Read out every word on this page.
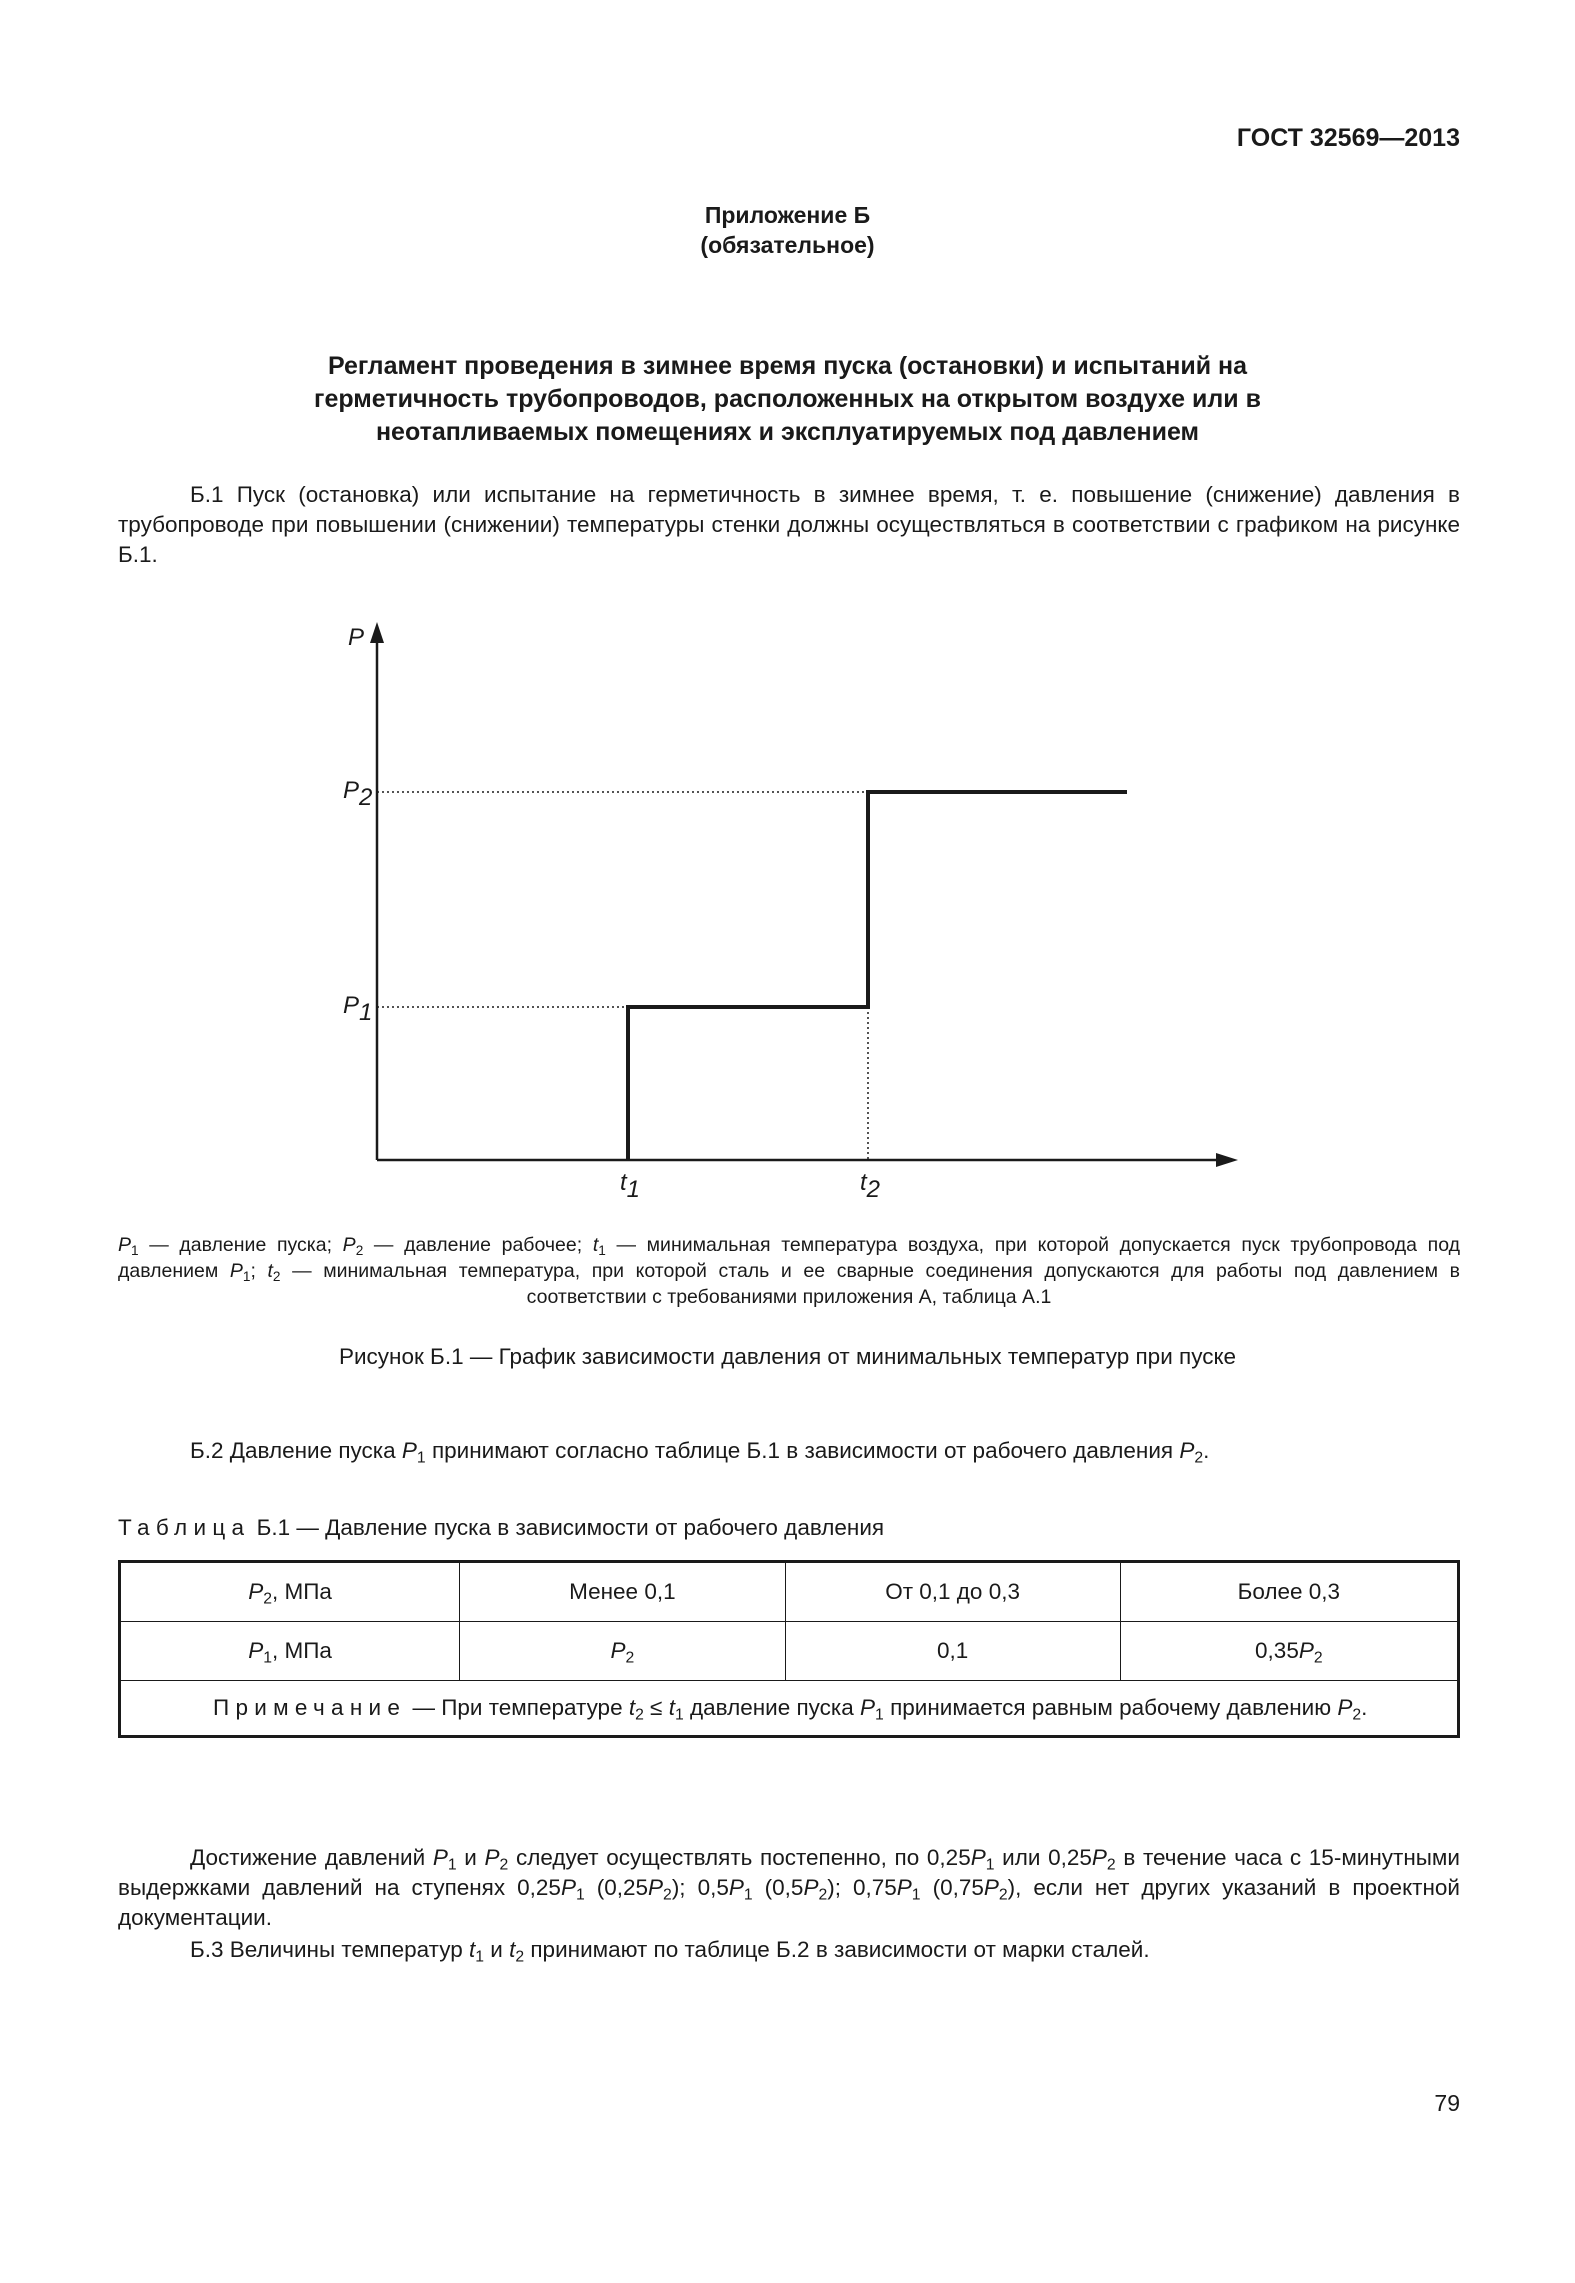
ГОСТ 32569—2013
Приложение Б
(обязательное)
Регламент проведения в зимнее время пуска (остановки) и испытаний на
герметичность трубопроводов, расположенных на открытом воздухе или в
неотапливаемых помещениях и эксплуатируемых под давлением
Б.1 Пуск (остановка) или испытание на герметичность в зимнее время, т. е. повышение (снижение) давления в трубопроводе при повышении (снижении) температуры стенки должны осуществляться в соответствии с графиком на рисунке Б.1.
P
P2
P1
t1	t2
$P_1$ — давление пуска; $P_2$ — давление рабочее; $t_1$ — минимальная температура воздуха, при которой допускается пуск трубопровода под давлением $P_1$; $t_2$ — минимальная температура, при которой сталь и ее сварные соединения допускаются для работы под давлением в соответствии с требованиями приложения А, таблица А.1
Рисунок Б.1 — График зависимости давления от минимальных температур при пуске
Б.2 Давление пуска $P_1$ принимают согласно таблице Б.1 в зависимости от рабочего давления $P_2$.
Таблица Б.1 — Давление пуска в зависимости от рабочего давления
$P_2$, МПа	Менее 0,1	От 0,1 до 0,3	Более 0,3
$P_1$, МПа	$P_2$	0,1	$0,35P_2$
Примечание — При температуре $t_2 \le t_1$ давление пуска $P_1$ принимается равным рабочему давлению $P_2$.			
Достижение давлений $P_1$ и $P_2$ следует осуществлять постепенно, по $0,25P_1$ или $0,25P_2$ в течение часа с 15-минутными выдержками давлений на ступенях $0,25P_1$ $(0,25P_2)$; $0,5P_1$ $(0,5P_2)$; $0,75P_1$ $(0,75P_2)$, если нет других указаний в проектной документации.
Б.3 Величины температур $t_1$ и $t_2$ принимают по таблице Б.2 в зависимости от марки сталей.
79
